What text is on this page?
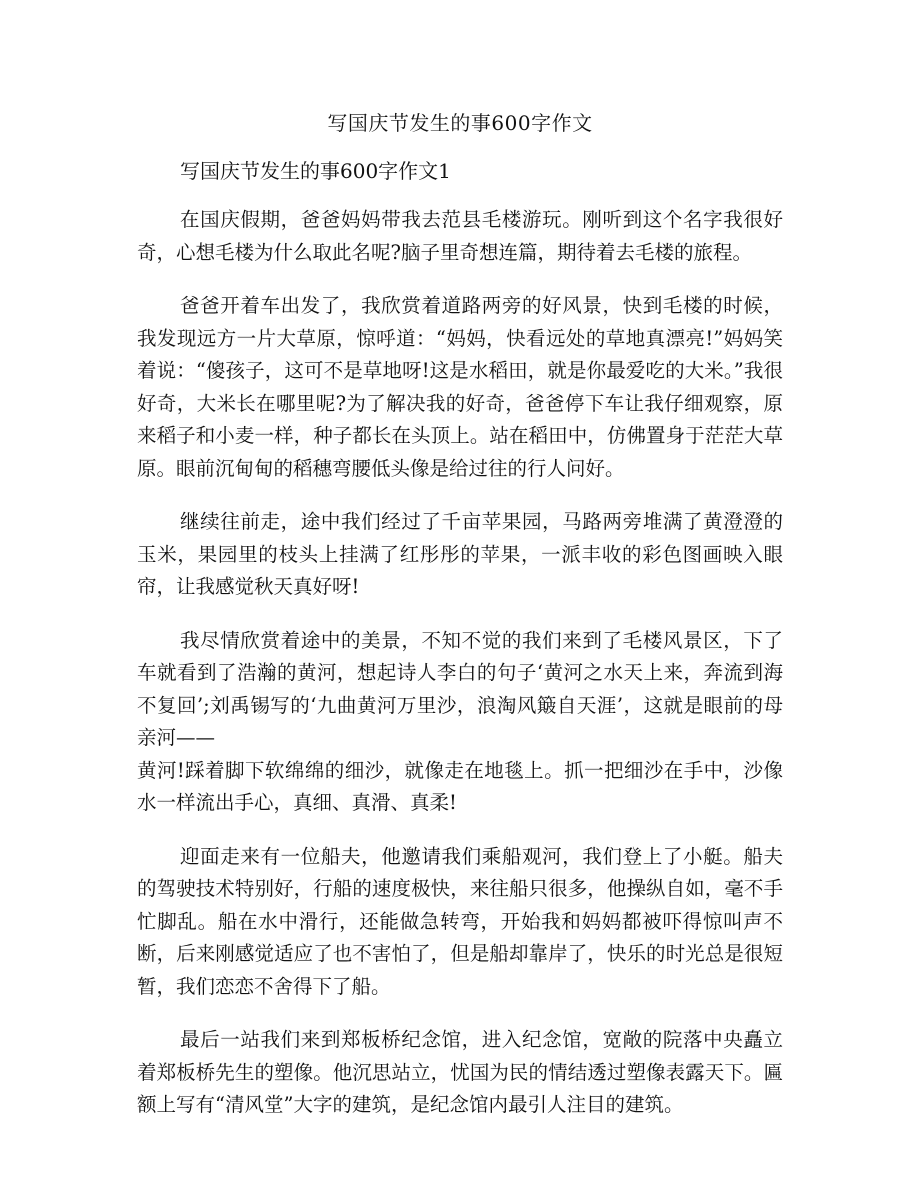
写国庆节发生的事600字作文

写国庆节发生的事600字作文1

在国庆假期，爸爸妈妈带我去范县毛楼游玩。刚听到这个名字我很好奇，心想毛楼为什么取此名呢?脑子里奇想连篇，期待着去毛楼的旅程。

爸爸开着车出发了，我欣赏着道路两旁的好风景，快到毛楼的时候，我发现远方一片大草原，惊呼道：“妈妈，快看远处的草地真漂亮!”妈妈笑着说：“傻孩子，这可不是草地呀!这是水稻田，就是你最爱吃的大米。”我很好奇，大米长在哪里呢?为了解决我的好奇，爸爸停下车让我仔细观察，原来稻子和小麦一样，种子都长在头顶上。站在稻田中，仿佛置身于茫茫大草原。眼前沉甸甸的稻穗弯腰低头像是给过往的行人问好。

继续往前走，途中我们经过了千亩苹果园，马路两旁堆满了黄澄澄的玉米，果园里的枝头上挂满了红彤彤的苹果，一派丰收的彩色图画映入眼帘，让我感觉秋天真好呀!

我尽情欣赏着途中的美景，不知不觉的我们来到了毛楼风景区，下了车就看到了浩瀚的黄河，想起诗人李白的句子‘黄河之水天上来，奔流到海不复回’;刘禹锡写的‘九曲黄河万里沙，浪淘风簸自天涯’，这就是眼前的母亲河——

黄河!踩着脚下软绵绵的细沙，就像走在地毯上。抓一把细沙在手中，沙像水一样流出手心，真细、真滑、真柔!

迎面走来有一位船夫，他邀请我们乘船观河，我们登上了小艇。船夫的驾驶技术特别好，行船的速度极快，来往船只很多，他操纵自如，毫不手忙脚乱。船在水中滑行，还能做急转弯，开始我和妈妈都被吓得惊叫声不断，后来刚感觉适应了也不害怕了，但是船却靠岸了，快乐的时光总是很短暂，我们恋恋不舍得下了船。

最后一站我们来到郑板桥纪念馆，进入纪念馆，宽敞的院落中央矗立着郑板桥先生的塑像。他沉思站立，忧国为民的情结透过塑像表露天下。匾额上写有“清风堂”大字的建筑，是纪念馆内最引人注目的建筑。
